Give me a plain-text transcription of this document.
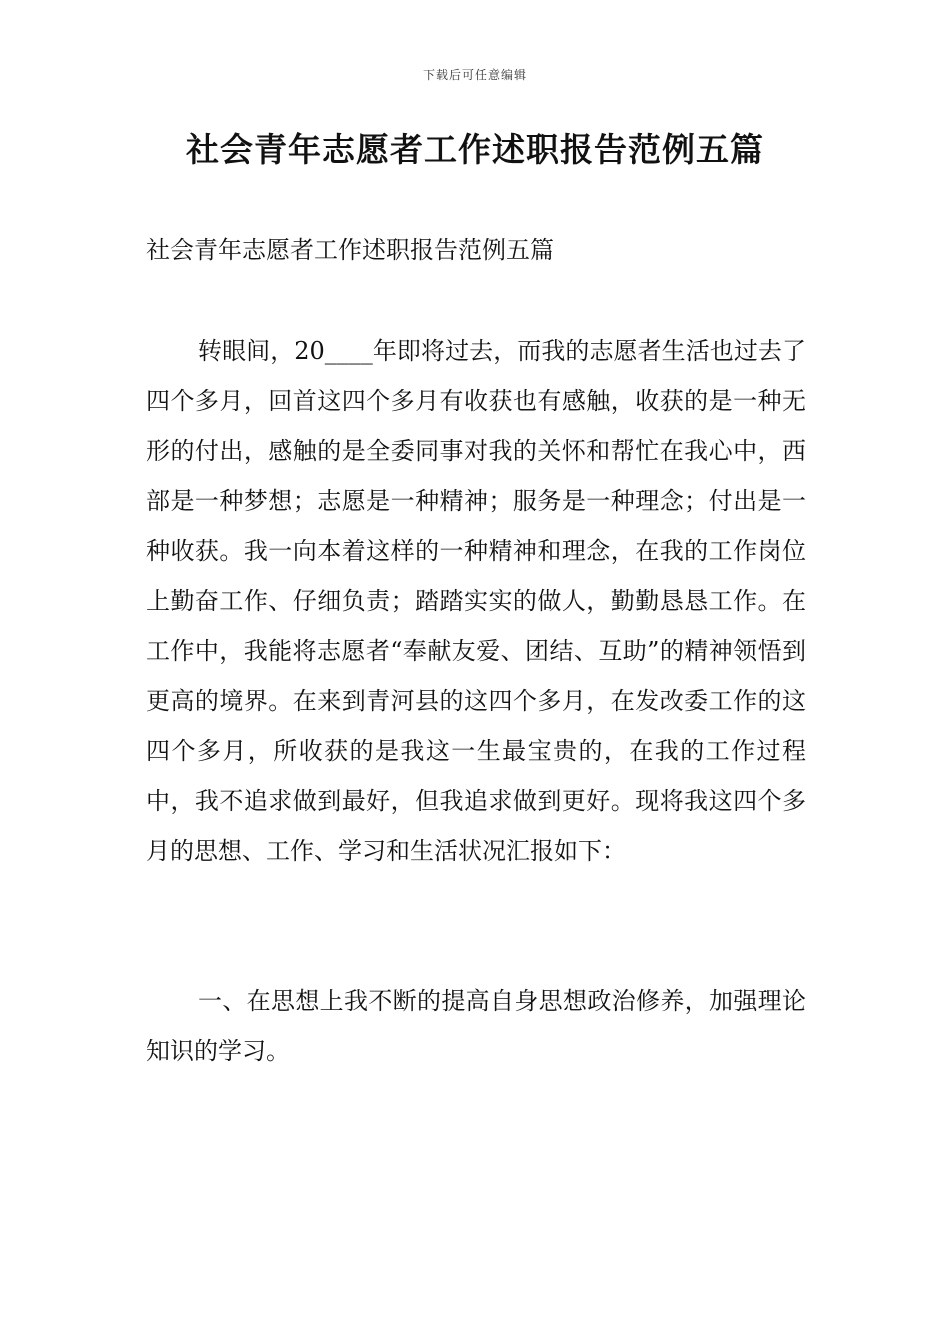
下载后可任意编辑
社会青年志愿者工作述职报告范例五篇

社会青年志愿者工作述职报告范例五篇

转眼间，20____年即将过去，而我的志愿者生活也过去了四个多月，回首这四个多月有收获也有感触，收获的是一种无形的付出，感触的是全委同事对我的关怀和帮忙在我心中，西部是一种梦想；志愿是一种精神；服务是一种理念；付出是一种收获。我一向本着这样的一种精神和理念，在我的工作岗位上勤奋工作、仔细负责；踏踏实实的做人，勤勤恳恳工作。在工作中，我能将志愿者“奉献友爱、团结、互助”的精神领悟到更高的境界。在来到青河县的这四个多月，在发改委工作的这四个多月，所收获的是我这一生最宝贵的，在我的工作过程中，我不追求做到最好，但我追求做到更好。现将我这四个多月的思想、工作、学习和生活状况汇报如下：

一、在思想上我不断的提高自身思想政治修养，加强理论知识的学习。
